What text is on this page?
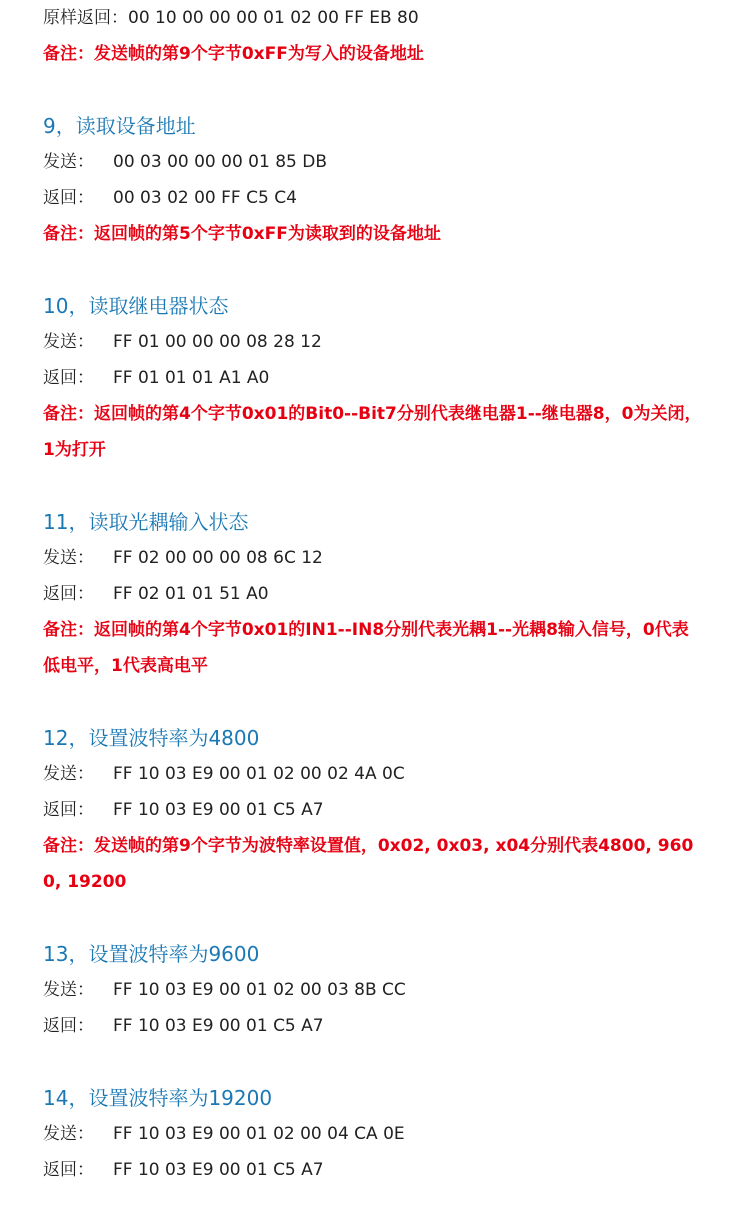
原样返回：00 10 00 00 00 01 02 00 FF EB 80
备注：发送帧的第9个字节0xFF为写入的设备地址
9，读取设备地址
发送： 00 03 00 00 00 01 85 DB
返回： 00 03 02 00 FF C5 C4
备注：返回帧的第5个字节0xFF为读取到的设备地址
10，读取继电器状态
发送： FF 01 00 00 00 08 28 12
返回： FF 01 01 01 A1 A0
备注：返回帧的第4个字节0x01的Bit0--Bit7分别代表继电器1--继电器8，0为关闭，1为打开
11，读取光耦输入状态
发送： FF 02 00 00 00 08 6C 12
返回： FF 02 01 01 51 A0
备注：返回帧的第4个字节0x01的IN1--IN8分别代表光耦1--光耦8输入信号，0代表低电平，1代表高电平
12，设置波特率为4800
发送： FF 10 03 E9 00 01 02 00 02 4A 0C
返回： FF 10 03 E9 00 01 C5 A7
备注：发送帧的第9个字节为波特率设置值，0x02, 0x03, x04分别代表4800, 9600, 19200
13，设置波特率为9600
发送： FF 10 03 E9 00 01 02 00 03 8B CC
返回： FF 10 03 E9 00 01 C5 A7
14，设置波特率为19200
发送： FF 10 03 E9 00 01 02 00 04 CA 0E
返回： FF 10 03 E9 00 01 C5 A7
